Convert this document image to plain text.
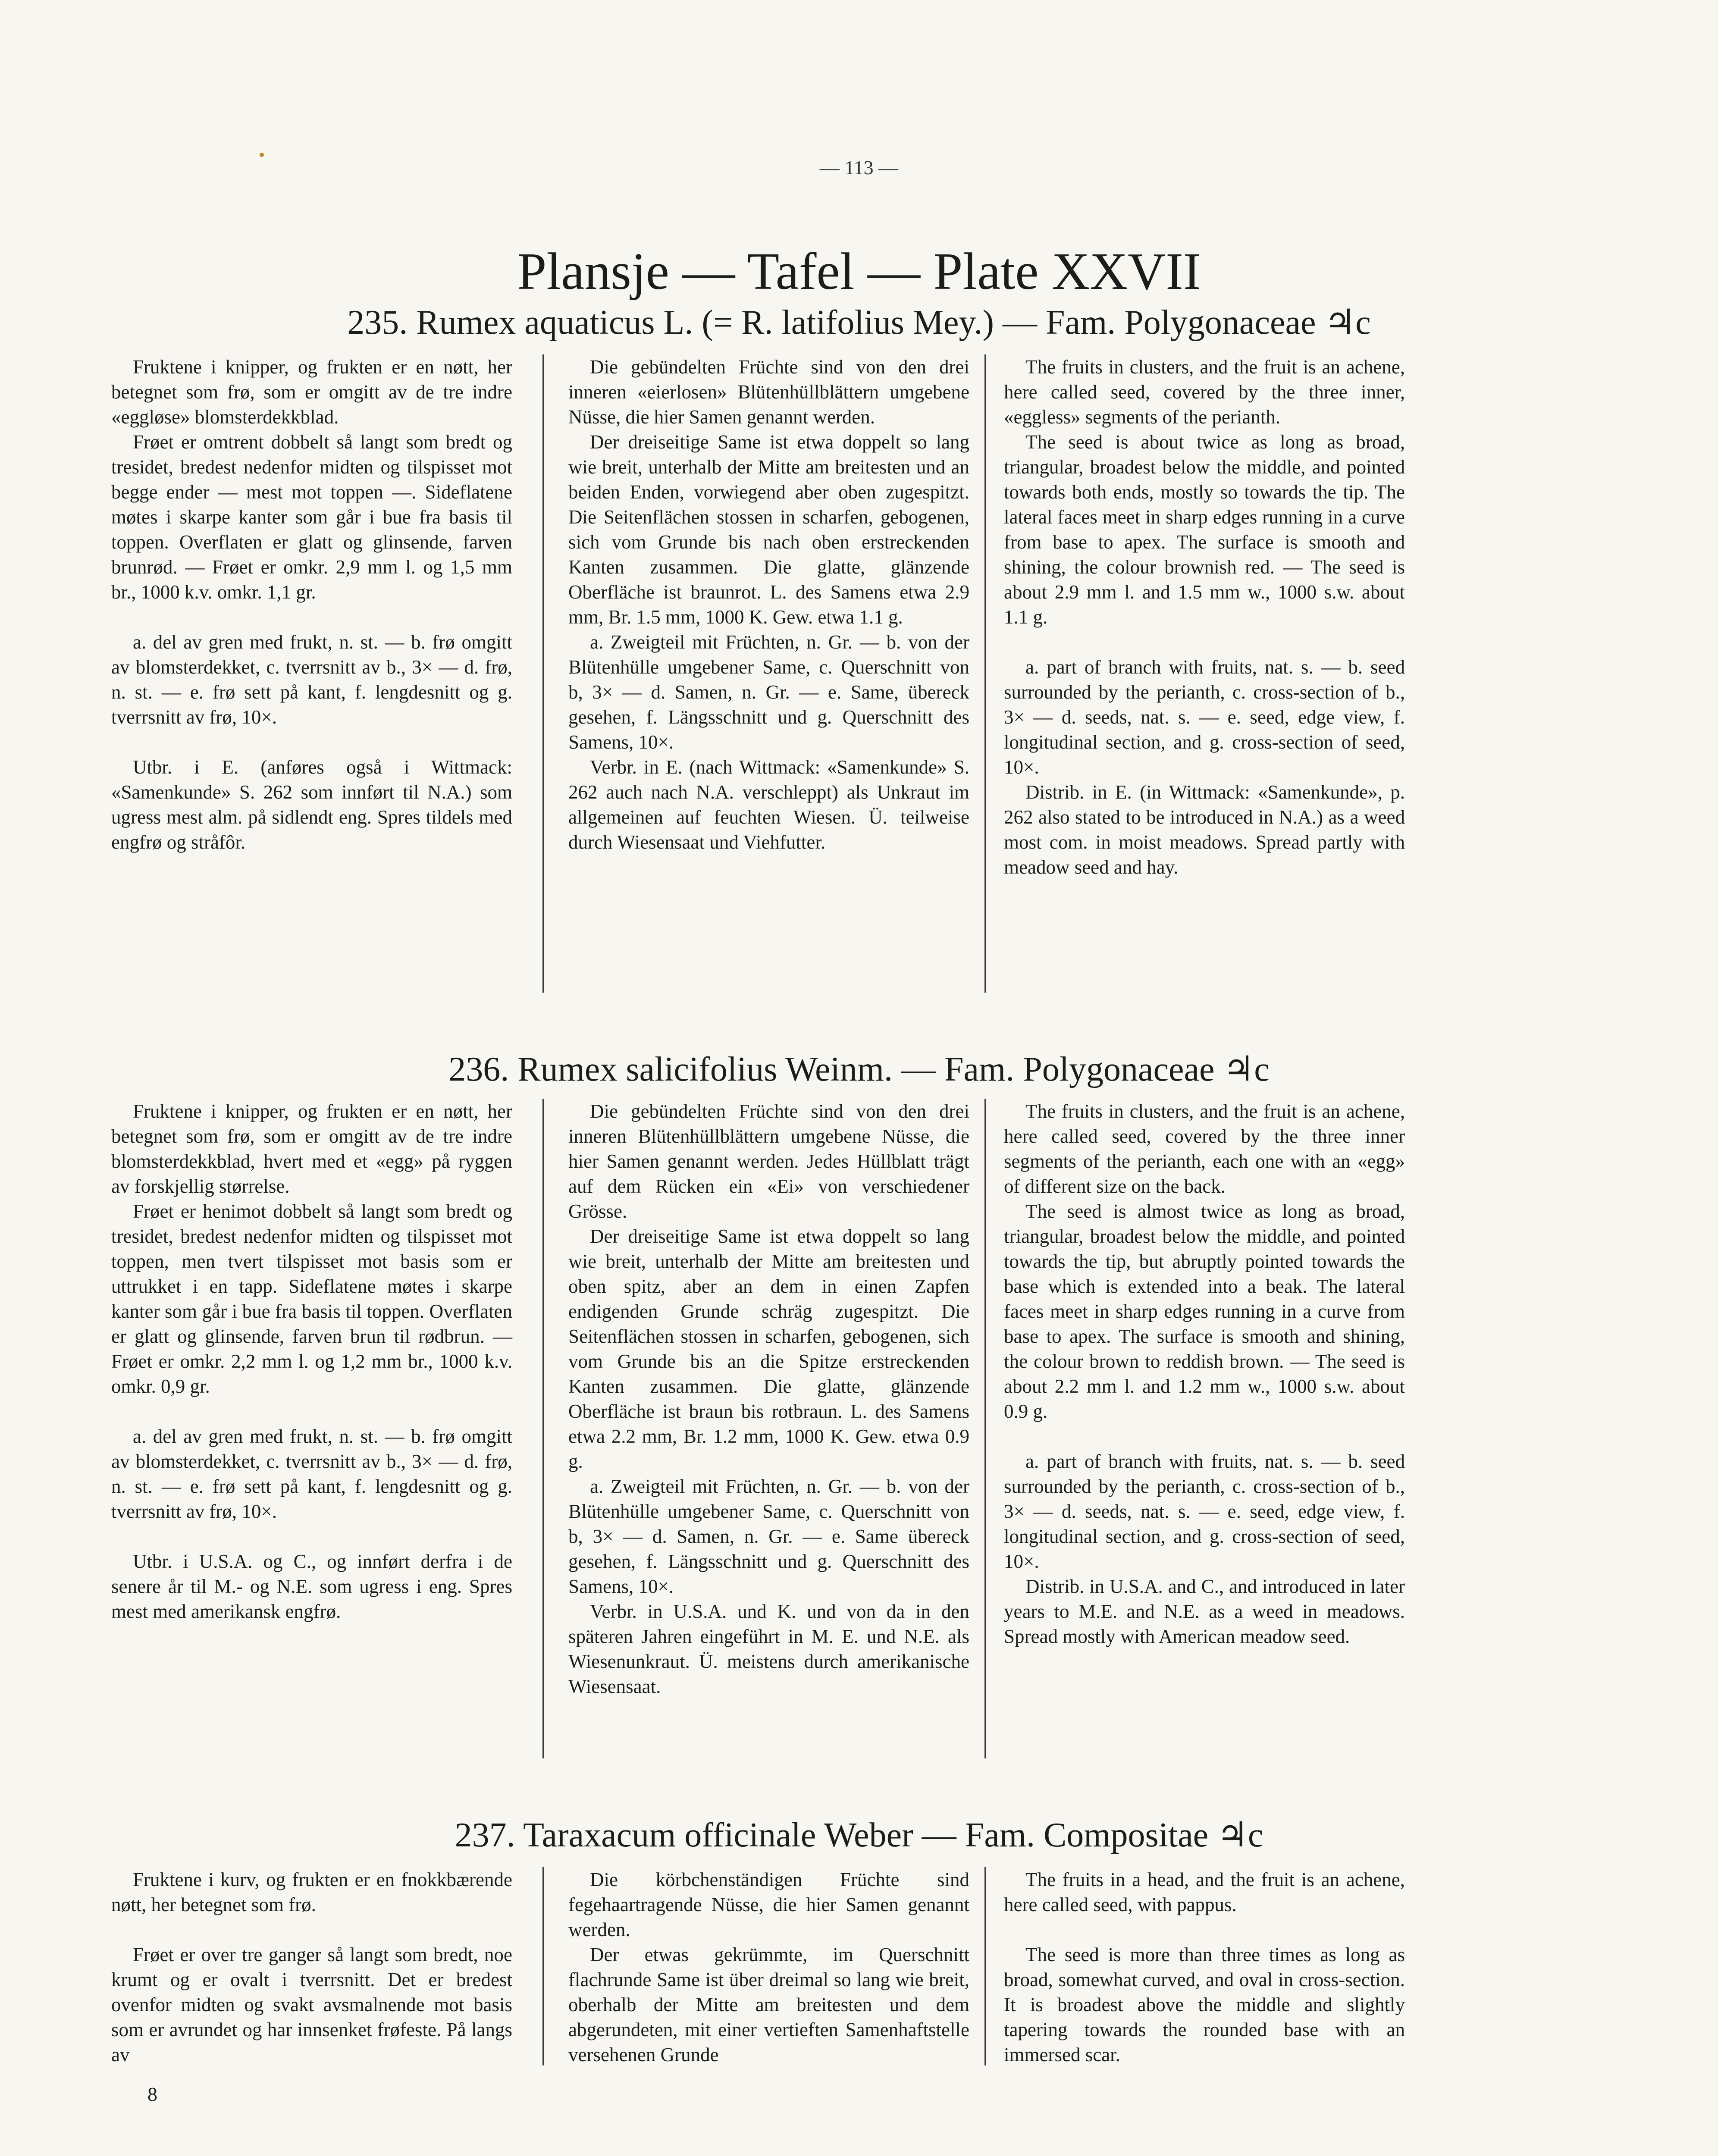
— 113 —
Plansje — Tafel — Plate XXVII
235. Rumex aquaticus L. (= R. latifolius Mey.) — Fam. Polygonaceae ♃c

Fruktene i knipper, og frukten er en nøtt, her betegnet som frø, som er omgitt av de tre indre «eggløse» blomsterdekkblad.

Frøet er omtrent dobbelt så langt som bredt og tresidet, bredest nedenfor midten og tilspisset mot begge ender — mest mot toppen —. Sideflatene møtes i skarpe kanter som går i bue fra basis til toppen. Overflaten er glatt og glinsende, farven brunrød. — Frøet er omkr. 2,9 mm l. og 1,5 mm br., 1000 k.v. omkr. 1,1 gr.

a. del av gren med frukt, n. st. — b. frø omgitt av blomsterdekket, c. tverrsnitt av b., 3× — d. frø, n. st. — e. frø sett på kant, f. lengdesnitt og g. tverrsnitt av frø, 10×.

Utbr. i E. (anføres også i Wittmack: «Samenkunde» S. 262 som innført til N.A.) som ugress mest alm. på sidlendt eng. Spres tildels med engfrø og stråfôr.

Die gebündelten Früchte sind von den drei inneren «eierlosen» Blütenhüllblättern umgebene Nüsse, die hier Samen genannt werden.

Der dreiseitige Same ist etwa doppelt so lang wie breit, unterhalb der Mitte am breitesten und an beiden Enden, vorwiegend aber oben zugespitzt. Die Seitenflächen stossen in scharfen, gebogenen, sich vom Grunde bis nach oben erstreckenden Kanten zusammen. Die glatte, glänzende Oberfläche ist braunrot. L. des Samens etwa 2.9 mm, Br. 1.5 mm, 1000 K. Gew. etwa 1.1 g.

a. Zweigteil mit Früchten, n. Gr. — b. von der Blütenhülle umgebener Same, c. Querschnitt von b, 3× — d. Samen, n. Gr. — e. Same, übereck gesehen, f. Längsschnitt und g. Querschnitt des Samens, 10×.

Verbr. in E. (nach Wittmack: «Samenkunde» S. 262 auch nach N.A. verschleppt) als Unkraut im allgemeinen auf feuchten Wiesen. Ü. teilweise durch Wiesensaat und Viehfutter.

The fruits in clusters, and the fruit is an achene, here called seed, covered by the three inner, «eggless» segments of the perianth.

The seed is about twice as long as broad, triangular, broadest below the middle, and pointed towards both ends, mostly so towards the tip. The lateral faces meet in sharp edges running in a curve from base to apex. The surface is smooth and shining, the colour brownish red. — The seed is about 2.9 mm l. and 1.5 mm w., 1000 s.w. about 1.1 g.

a. part of branch with fruits, nat. s. — b. seed surrounded by the perianth, c. cross-section of b., 3× — d. seeds, nat. s. — e. seed, edge view, f. longitudinal section, and g. cross-section of seed, 10×.

Distrib. in E. (in Wittmack: «Samenkunde», p. 262 also stated to be introduced in N.A.) as a weed most com. in moist meadows. Spread partly with meadow seed and hay.

236. Rumex salicifolius Weinm. — Fam. Polygonaceae ♃c

Fruktene i knipper, og frukten er en nøtt, her betegnet som frø, som er omgitt av de tre indre blomsterdekkblad, hvert med et «egg» på ryggen av forskjellig størrelse.

Frøet er henimot dobbelt så langt som bredt og tresidet, bredest nedenfor midten og tilspisset mot toppen, men tvert tilspisset mot basis som er uttrukket i en tapp. Sideflatene møtes i skarpe kanter som går i bue fra basis til toppen. Overflaten er glatt og glinsende, farven brun til rødbrun. — Frøet er omkr. 2,2 mm l. og 1,2 mm br., 1000 k.v. omkr. 0,9 gr.

a. del av gren med frukt, n. st. — b. frø omgitt av blomsterdekket, c. tverrsnitt av b., 3× — d. frø, n. st. — e. frø sett på kant, f. lengdesnitt og g. tverrsnitt av frø, 10×.

Utbr. i U.S.A. og C., og innført derfra i de senere år til M.- og N.E. som ugress i eng. Spres mest med amerikansk engfrø.

Die gebündelten Früchte sind von den drei inneren Blütenhüllblättern umgebene Nüsse, die hier Samen genannt werden. Jedes Hüllblatt trägt auf dem Rücken ein «Ei» von verschiedener Grösse.

Der dreiseitige Same ist etwa doppelt so lang wie breit, unterhalb der Mitte am breitesten und oben spitz, aber an dem in einen Zapfen endigenden Grunde schräg zugespitzt. Die Seitenflächen stossen in scharfen, gebogenen, sich vom Grunde bis an die Spitze erstreckenden Kanten zusammen. Die glatte, glänzende Oberfläche ist braun bis rotbraun. L. des Samens etwa 2.2 mm, Br. 1.2 mm, 1000 K. Gew. etwa 0.9 g.

a. Zweigteil mit Früchten, n. Gr. — b. von der Blütenhülle umgebener Same, c. Querschnitt von b, 3× — d. Samen, n. Gr. — e. Same übereck gesehen, f. Längsschnitt und g. Querschnitt des Samens, 10×.

Verbr. in U.S.A. und K. und von da in den späteren Jahren eingeführt in M. E. und N.E. als Wiesenunkraut. Ü. meistens durch amerikanische Wiesensaat.

The fruits in clusters, and the fruit is an achene, here called seed, covered by the three inner segments of the perianth, each one with an «egg» of different size on the back.

The seed is almost twice as long as broad, triangular, broadest below the middle, and pointed towards the tip, but abruptly pointed towards the base which is extended into a beak. The lateral faces meet in sharp edges running in a curve from base to apex. The surface is smooth and shining, the colour brown to reddish brown. — The seed is about 2.2 mm l. and 1.2 mm w., 1000 s.w. about 0.9 g.

a. part of branch with fruits, nat. s. — b. seed surrounded by the perianth, c. cross-section of b., 3× — d. seeds, nat. s. — e. seed, edge view, f. longitudinal section, and g. cross-section of seed, 10×.

Distrib. in U.S.A. and C., and introduced in later years to M.E. and N.E. as a weed in meadows. Spread mostly with American meadow seed.

237. Taraxacum officinale Weber — Fam. Compositae ♃c

Fruktene i kurv, og frukten er en fnokkbærende nøtt, her betegnet som frø.

Frøet er over tre ganger så langt som bredt, noe krumt og er ovalt i tverrsnitt. Det er bredest ovenfor midten og svakt avsmalnende mot basis som er avrundet og har innsenket frøfeste. På langs av

Die körbchenständigen Früchte sind fegehaartragende Nüsse, die hier Samen genannt werden.

Der etwas gekrümmte, im Querschnitt flachrunde Same ist über dreimal so lang wie breit, oberhalb der Mitte am breitesten und dem abgerundeten, mit einer vertieften Samenhaftstelle versehenen Grunde

The fruits in a head, and the fruit is an achene, here called seed, with pappus.

The seed is more than three times as long as broad, somewhat curved, and oval in cross-section. It is broadest above the middle and slightly tapering towards the rounded base with an immersed scar.

8
